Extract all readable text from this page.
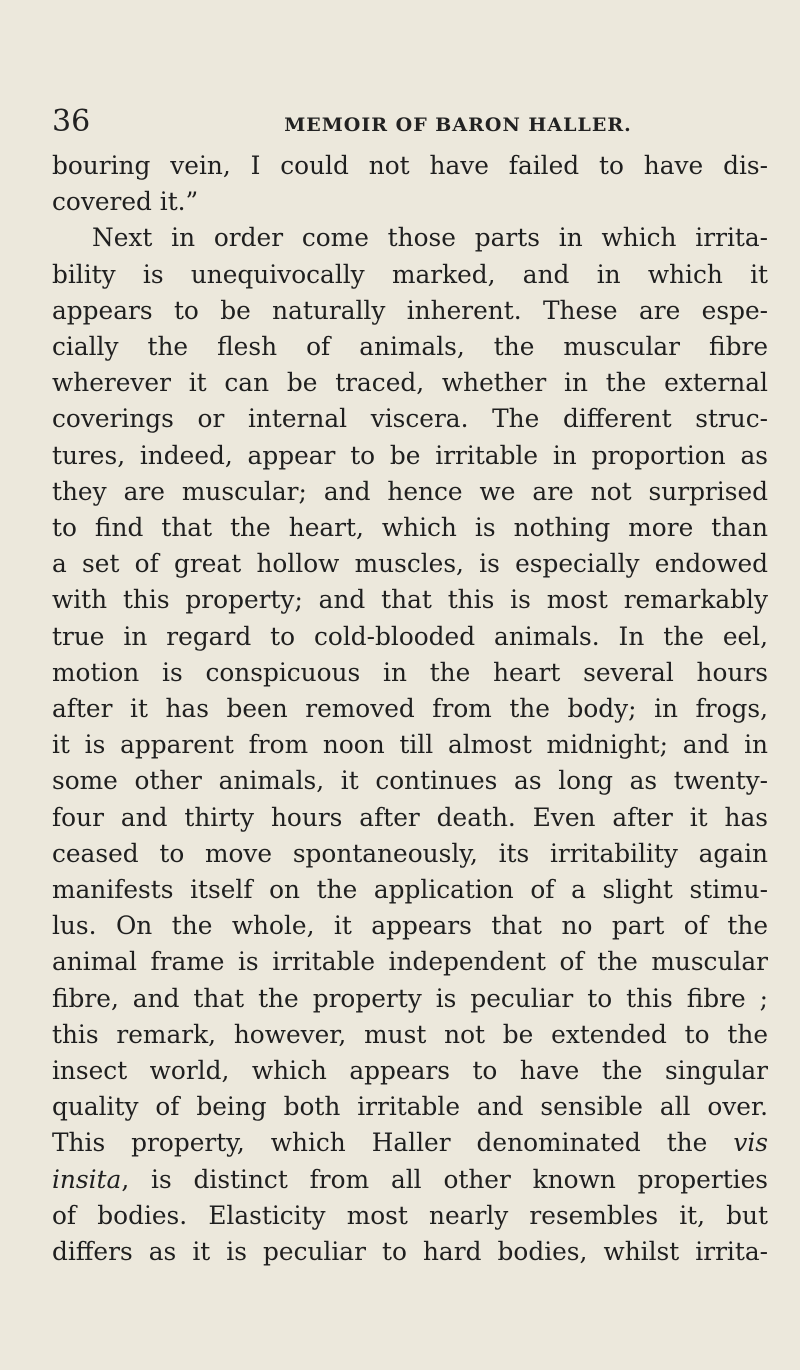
36	MEMOIR OF BARON HALLER.
bouring vein, I could not have failed to have dis-
covered it.”
Next in order come those parts in which irrita-
bility is unequivocally marked, and in which it
appears to be naturally inherent. These are espe-
cially the flesh of animals, the muscular fibre
wherever it can be traced, whether in the external
coverings or internal viscera. The different struc-
tures, indeed, appear to be irritable in proportion as
they are muscular; and hence we are not surprised
to find that the heart, which is nothing more than
a set of great hollow muscles, is especially endowed
with this property; and that this is most remarkably
true in regard to cold-blooded animals. In the eel,
motion is conspicuous in the heart several hours
after it has been removed from the body; in frogs,
it is apparent from noon till almost midnight; and in
some other animals, it continues as long as twenty-
four and thirty hours after death. Even after it has
ceased to move spontaneously, its irritability again
manifests itself on the application of a slight stimu-
lus. On the whole, it appears that no part of the
animal frame is irritable independent of the muscular
fibre, and that the property is peculiar to this fibre ;
this remark, however, must not be extended to the
insect world, which appears to have the singular
quality of being both irritable and sensible all over.
This property, which Haller denominated the vis
insita, is distinct from all other known properties
of bodies. Elasticity most nearly resembles it, but
differs as it is peculiar to hard bodies, whilst irrita-
